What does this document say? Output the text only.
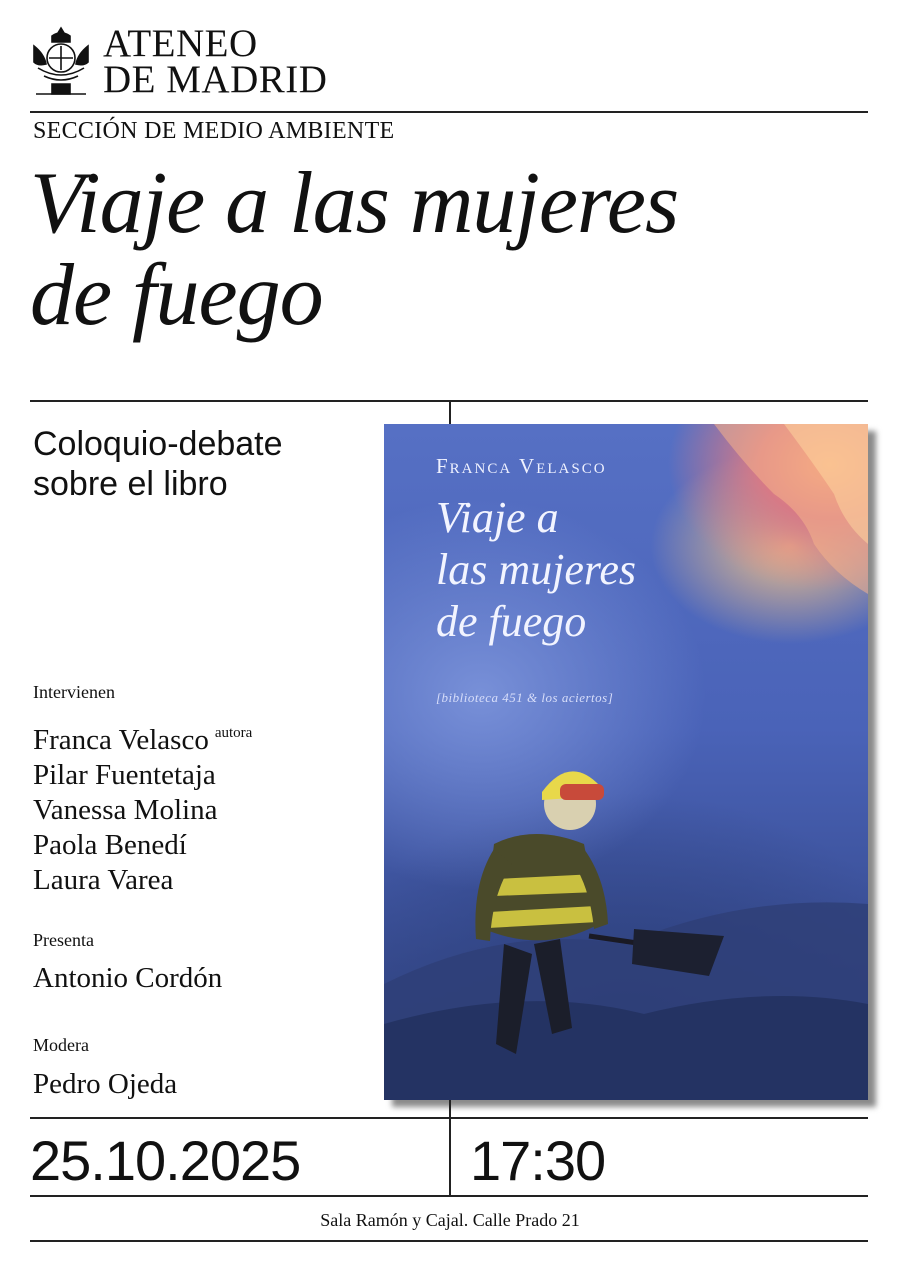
ATENEO
DE MADRID
SECCIÓN DE MEDIO AMBIENTE
Viaje a las mujeres
de fuego
Coloquio-debate
sobre el libro
Intervienen
Franca Velasco $^{autora}$
Pilar Fuentetaja
Vanessa Molina
Paola Benedí
Laura Varea
Presenta
Antonio Cordón
Modera
Pedro Ojeda
Franca Velasco
Viaje a
las mujeres
de fuego
[biblioteca 451 & los aciertos]
25.10.2025	17:30
Sala Ramón y Cajal. Calle Prado 21
